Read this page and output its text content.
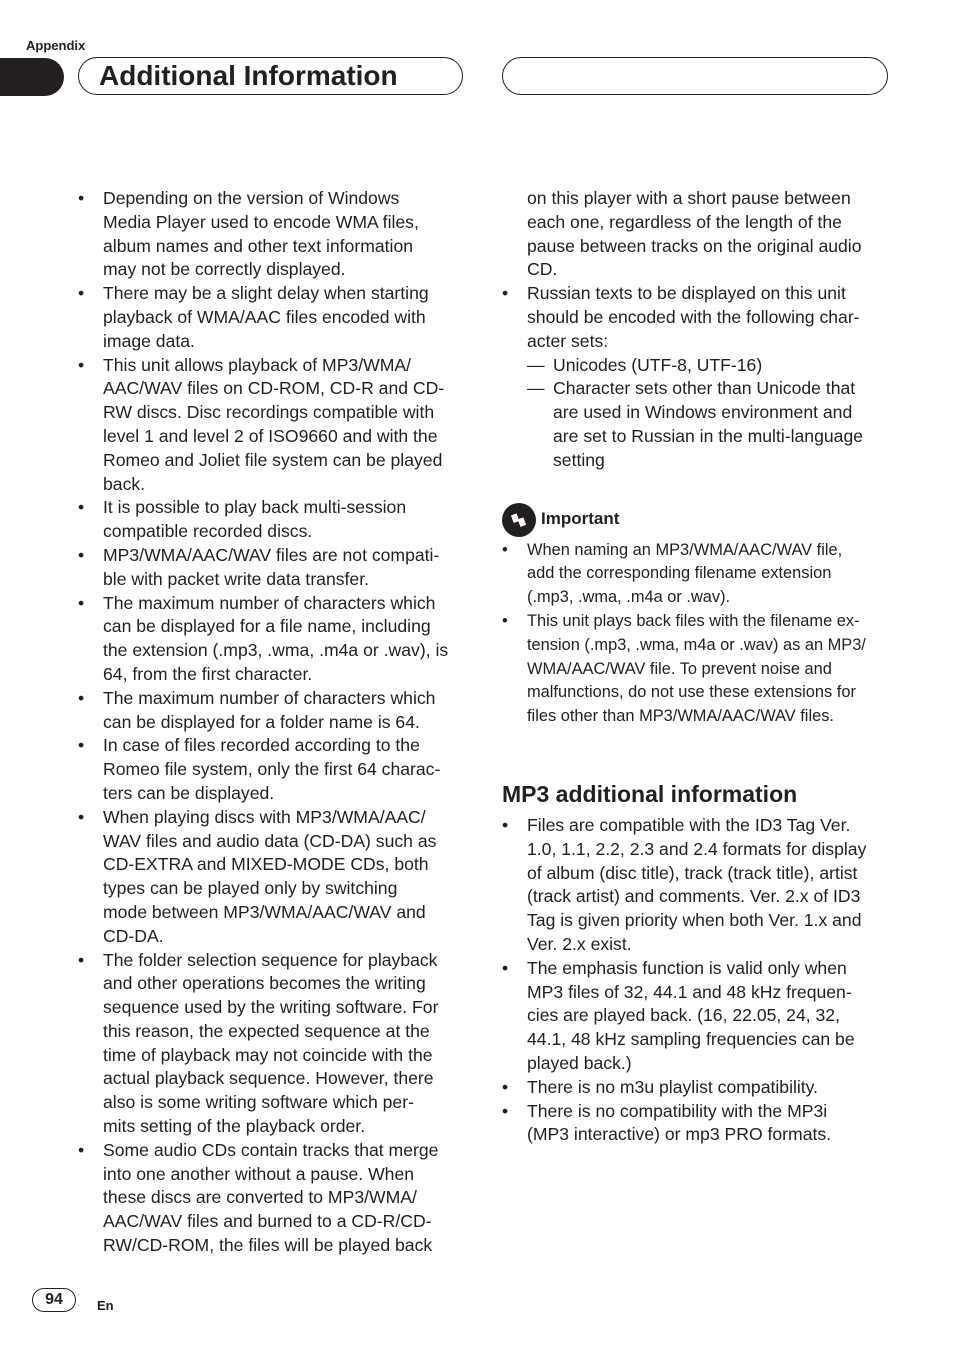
Appendix
Additional Information
• Depending on the version of Windows
Media Player used to encode WMA files,
album names and other text information
may not be correctly displayed.
• There may be a slight delay when starting
playback of WMA/AAC files encoded with
image data.
• This unit allows playback of MP3/WMA/
AAC/WAV files on CD-ROM, CD-R and CD-
RW discs. Disc recordings compatible with
level 1 and level 2 of ISO9660 and with the
Romeo and Joliet file system can be played
back.
• It is possible to play back multi-session
compatible recorded discs.
• MP3/WMA/AAC/WAV files are not compati-
ble with packet write data transfer.
• The maximum number of characters which
can be displayed for a file name, including
the extension (.mp3, .wma, .m4a or .wav), is
64, from the first character.
• The maximum number of characters which
can be displayed for a folder name is 64.
• In case of files recorded according to the
Romeo file system, only the first 64 charac-
ters can be displayed.
• When playing discs with MP3/WMA/AAC/
WAV files and audio data (CD-DA) such as
CD-EXTRA and MIXED-MODE CDs, both
types can be played only by switching
mode between MP3/WMA/AAC/WAV and
CD-DA.
• The folder selection sequence for playback
and other operations becomes the writing
sequence used by the writing software. For
this reason, the expected sequence at the
time of playback may not coincide with the
actual playback sequence. However, there
also is some writing software which per-
mits setting of the playback order.
• Some audio CDs contain tracks that merge
into one another without a pause. When
these discs are converted to MP3/WMA/
AAC/WAV files and burned to a CD-R/CD-
RW/CD-ROM, the files will be played back
on this player with a short pause between
each one, regardless of the length of the
pause between tracks on the original audio
CD.
• Russian texts to be displayed on this unit
should be encoded with the following char-
acter sets:
— Unicodes (UTF-8, UTF-16)
— Character sets other than Unicode that
are used in Windows environment and
are set to Russian in the multi-language
setting
Important
• When naming an MP3/WMA/AAC/WAV file,
add the corresponding filename extension
(.mp3, .wma, .m4a or .wav).
• This unit plays back files with the filename ex-
tension (.mp3, .wma, m4a or .wav) as an MP3/
WMA/AAC/WAV file. To prevent noise and
malfunctions, do not use these extensions for
files other than MP3/WMA/AAC/WAV files.
MP3 additional information
• Files are compatible with the ID3 Tag Ver.
1.0, 1.1, 2.2, 2.3 and 2.4 formats for display
of album (disc title), track (track title), artist
(track artist) and comments. Ver. 2.x of ID3
Tag is given priority when both Ver. 1.x and
Ver. 2.x exist.
• The emphasis function is valid only when
MP3 files of 32, 44.1 and 48 kHz frequen-
cies are played back. (16, 22.05, 24, 32,
44.1, 48 kHz sampling frequencies can be
played back.)
• There is no m3u playlist compatibility.
• There is no compatibility with the MP3i
(MP3 interactive) or mp3 PRO formats.
94	En
